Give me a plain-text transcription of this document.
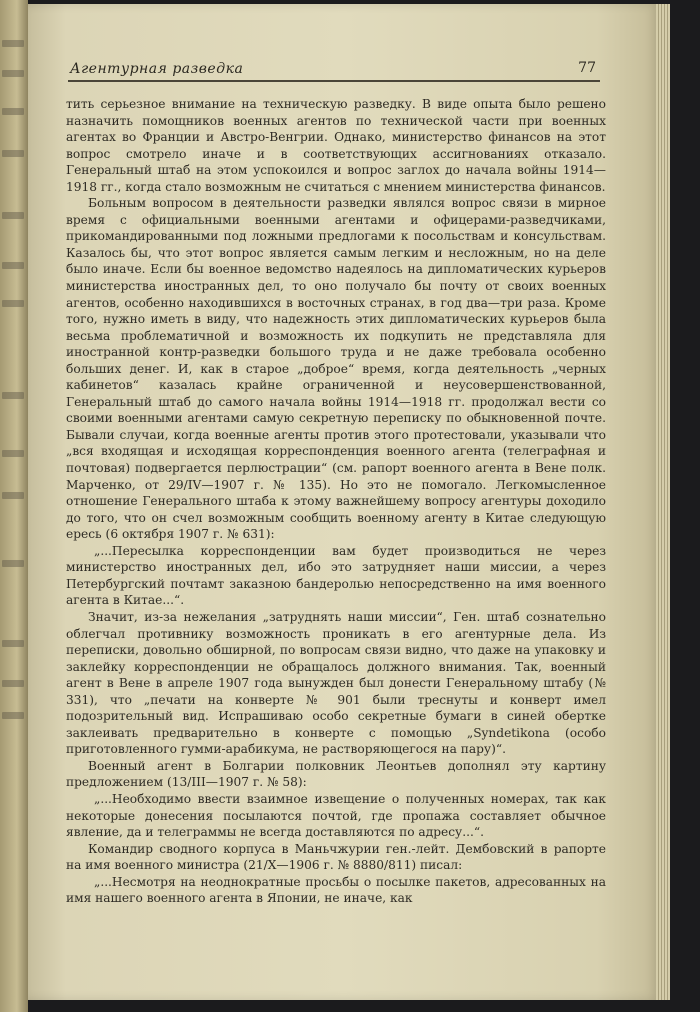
Агентурная разведка	77

тить серьезное внимание на техническую разведку. В виде опыта было решено назначить помощников военных агентов по технической части при военных агентах во Франции и Австро-Венгрии. Однако, министерство финансов на этот вопрос смотрело иначе и в соответствующих ассигнованиях отказало. Генеральный штаб на этом успокоился и вопрос заглох до начала войны 1914—1918 гг., когда стало возможным не считаться с мнением министерства финансов.

Больным вопросом в деятельности разведки являлся вопрос связи в мирное время с официальными военными агентами и офицерами-разведчиками, прикомандированными под ложными предлогами к посольствам и консульствам. Казалось бы, что этот вопрос является самым легким и несложным, но на деле было иначе. Если бы военное ведомство надеялось на дипломатических курьеров министерства иностранных дел, то оно получало бы почту от своих военных агентов, особенно находившихся в восточных странах, в год два—три раза. Кроме того, нужно иметь в виду, что надежность этих дипломатических курьеров была весьма проблематичной и возможность их подкупить не представляла для иностранной контр-разведки большого труда и не даже требовала особенно больших денег. И, как в старое „доброе“ время, когда деятельность „черных кабинетов“ казалась крайне ограниченной и неусовершенствованной, Генеральный штаб до самого начала войны 1914—1918 гг. продолжал вести со своими военными агентами самую секретную переписку по обыкновенной почте. Бывали случаи, когда военные агенты против этого протестовали, указывали что „вся входящая и исходящая корреспонденция военного агента (телеграфная и почтовая) подвергается перлюстрации“ (см. рапорт военного агента в Вене полк. Марченко, от 29/IV—1907 г. № 135). Но это не помогало. Легкомысленное отношение Генерального штаба к этому важнейшему вопросу агентуры доходило до того, что он счел возможным сообщить военному агенту в Китае следующую ересь (6 октября 1907 г. № 631):

„...Пересылка корреспонденции вам будет производиться не через министерство иностранных дел, ибо это затрудняет наши миссии, а через Петербургский почтамт заказною бандеролью непосредственно на имя военного агента в Китае...“.

Значит, из-за нежелания „затруднять наши миссии“, Ген. штаб сознательно облегчал противнику возможность проникать в его агентурные дела. Из переписки, довольно обширной, по вопросам связи видно, что даже на упаковку и заклейку корреспонденции не обращалось должного внимания. Так, военный агент в Вене в апреле 1907 года вынужден был донести Генеральному штабу (№ 331), что „печати на конверте № 901 были треснуты и конверт имел подозрительный вид. Испрашиваю особо секретные бумаги в синей обертке заклеивать предварительно в конверте с помощью „Syndetikona (особо приготовленного гумми-арабикума, не растворяющегося на пару)“.

Военный агент в Болгарии полковник Леонтьев дополнял эту картину предложением (13/III—1907 г. № 58):

„...Необходимо ввести взаимное извещение о полученных номерах, так как некоторые донесения посылаются почтой, где пропажа составляет обычное явление, да и телеграммы не всегда доставляются по адресу...“.

Командир сводного корпуса в Маньчжурии ген.-лейт. Дембовский в рапорте на имя военного министра (21/X—1906 г. № 8880/811) писал:

„...Несмотря на неоднократные просьбы о посылке пакетов, адресованных на имя нашего военного агента в Японии, не иначе, как
